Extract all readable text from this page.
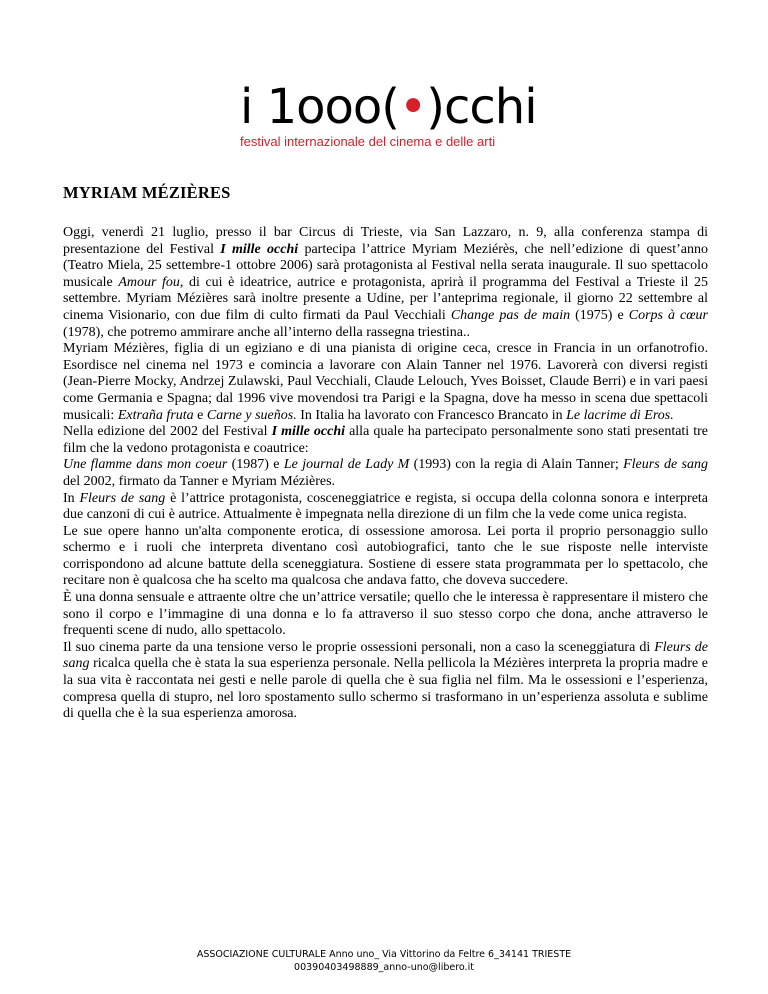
i 1ooo(•)cchi
festival internazionale del cinema e delle arti
MYRIAM MÉZIÈRES

Oggi, venerdì 21 luglio, presso il bar Circus di Trieste, via San Lazzaro, n. 9, alla conferenza stampa di presentazione del Festival I mille occhi partecipa l’attrice Myriam Meziérès, che nell’edizione di quest’anno (Teatro Miela, 25 settembre-1 ottobre 2006) sarà protagonista al Festival nella serata inaugurale. Il suo spettacolo musicale Amour fou, di cui è ideatrice, autrice e protagonista, aprirà il programma del Festival a Trieste il 25 settembre. Myriam Mézières sarà inoltre presente a Udine, per l’anteprima regionale, il giorno 22 settembre al cinema Visionario, con due film di culto firmati da Paul Vecchiali Change pas de main (1975) e Corps à cœur (1978), che potremo ammirare anche all’interno della rassegna triestina..

Myriam Mézières, figlia di un egiziano e di una pianista di origine ceca, cresce in Francia in un orfanotrofio. Esordisce nel cinema nel 1973 e comincia a lavorare con Alain Tanner nel 1976. Lavorerà con diversi registi (Jean-Pierre Mocky, Andrzej Zulawski, Paul Vecchiali, Claude Lelouch, Yves Boisset, Claude Berri) e in vari paesi come Germania e Spagna; dal 1996 vive movendosi tra Parigi e la Spagna, dove ha messo in scena due spettacoli musicali: Extraña fruta e Carne y sueños. In Italia ha lavorato con Francesco Brancato in Le lacrime di Eros.

Nella edizione del 2002 del Festival I mille occhi alla quale ha partecipato personalmente sono stati presentati tre film che la vedono protagonista e coautrice:

Une flamme dans mon coeur (1987) e Le journal de Lady M (1993) con la regia di Alain Tanner; Fleurs de sang del 2002, firmato da Tanner e Myriam Mézières.

In Fleurs de sang è l’attrice protagonista, cosceneggiatrice e regista, si occupa della colonna sonora e interpreta due canzoni di cui è autrice. Attualmente è impegnata nella direzione di un film che la vede come unica regista.

Le sue opere hanno un'alta componente erotica, di ossessione amorosa. Lei porta il proprio personaggio sullo schermo e i ruoli che interpreta diventano così autobiografici, tanto che le sue risposte nelle interviste corrispondono ad alcune battute della sceneggiatura. Sostiene di essere stata programmata per lo spettacolo, che recitare non è qualcosa che ha scelto ma qualcosa che andava fatto, che doveva succedere.

È una donna sensuale e attraente oltre che un’attrice versatile; quello che le interessa è rappresentare il mistero che sono il corpo e l’immagine di una donna e lo fa attraverso il suo stesso corpo che dona, anche attraverso le frequenti scene di nudo, allo spettacolo.

Il suo cinema parte da una tensione verso le proprie ossessioni personali, non a caso la sceneggiatura di Fleurs de sang ricalca quella che è stata la sua esperienza personale. Nella pellicola la Mézières interpreta la propria madre e la sua vita è raccontata nei gesti e nelle parole di quella che è sua figlia nel film. Ma le ossessioni e l’esperienza, compresa quella di stupro, nel loro spostamento sullo schermo si trasformano in un’esperienza assoluta e sublime di quella che è la sua esperienza amorosa.

ASSOCIAZIONE CULTURALE Anno uno_ Via Vittorino da Feltre 6_34141 TRIESTE
00390403498889_anno-uno@libero.it
